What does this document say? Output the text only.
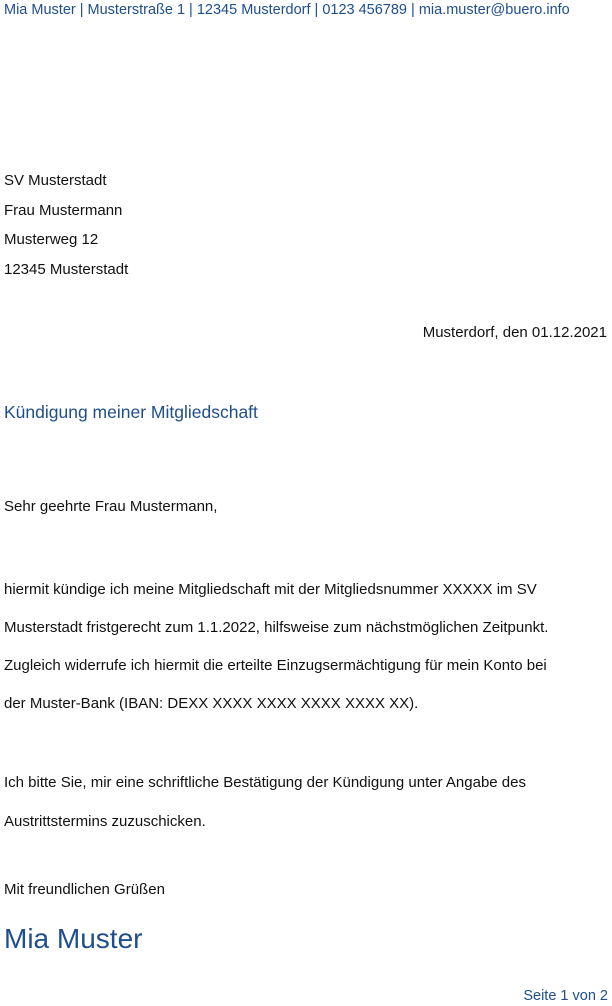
Mia Muster | Musterstraße 1 | 12345 Musterdorf | 0123 456789 | mia.muster@buero.info
SV Musterstadt
Frau Mustermann
Musterweg 12
12345 Musterstadt
Musterdorf, den 01.12.2021
Kündigung meiner Mitgliedschaft
Sehr geehrte Frau Mustermann,
hiermit kündige ich meine Mitgliedschaft mit der Mitgliedsnummer XXXXX im SV
Musterstadt fristgerecht zum 1.1.2022, hilfsweise zum nächstmöglichen Zeitpunkt.
Zugleich widerrufe ich hiermit die erteilte Einzugsermächtigung für mein Konto bei
der Muster-Bank (IBAN: DEXX XXXX XXXX XXXX XXXX XX).
Ich bitte Sie, mir eine schriftliche Bestätigung der Kündigung unter Angabe des
Austrittstermins zuzuschicken.
Mit freundlichen Grüßen
Mia Muster
Seite 1 von 2
